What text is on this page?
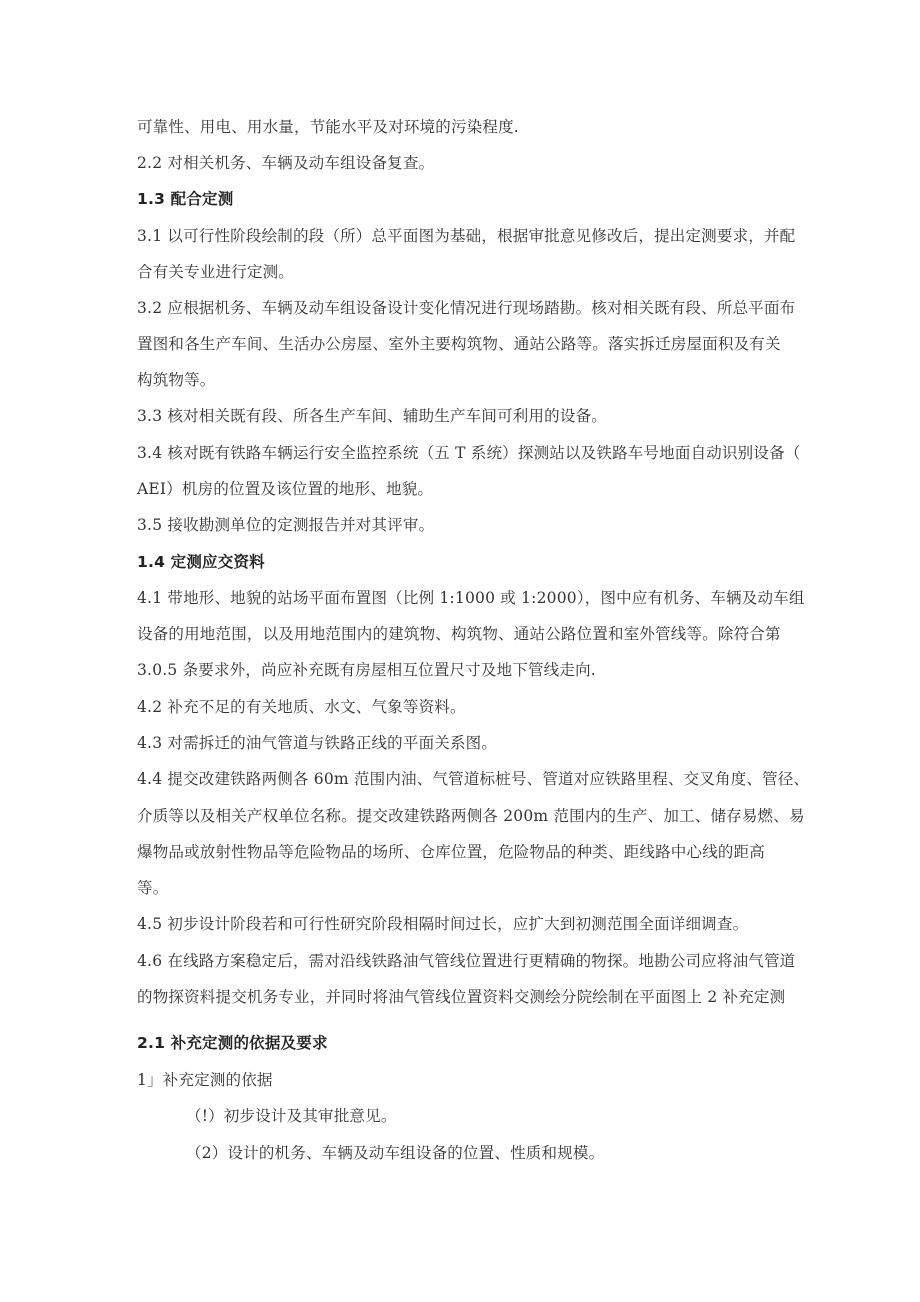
可靠性、用电、用水量，节能水平及对环境的污染程度.
2.2 对相关机务、车辆及动车组设备复查。
1.3 配合定测
3.1 以可行性阶段绘制的段（所）总平面图为基础，根据审批意见修改后，提出定测要求，并配
合有关专业进行定测。
3.2 应根据机务、车辆及动车组设备设计变化情况进行现场踏勘。核对相关既有段、所总平面布
置图和各生产车间、生活办公房屋、室外主要构筑物、通站公路等。落实拆迁房屋面积及有关
构筑物等。
3.3 核对相关既有段、所各生产车间、辅助生产车间可利用的设备。
3.4 核对既有铁路车辆运行安全监控系统（五 T 系统）探测站以及铁路车号地面自动识别设备（
AEI）机房的位置及该位置的地形、地貌。
3.5 接收勘测单位的定测报告并对其评审。
1.4 定测应交资料
4.1 带地形、地貌的站场平面布置图（比例 1:1000 或 1:2000），图中应有机务、车辆及动车组
设备的用地范围，以及用地范围内的建筑物、构筑物、通站公路位置和室外管线等。除符合第
3.0.5 条要求外，尚应补充既有房屋相互位置尺寸及地下管线走向.
4.2 补充不足的有关地质、水文、气象等资料。
4.3 对需拆迁的油气管道与铁路正线的平面关系图。
4.4 提交改建铁路两侧各 60m 范围内油、气管道标桩号、管道对应铁路里程、交叉角度、管径、
介质等以及相关产权单位名称。提交改建铁路两侧各 200m 范围内的生产、加工、储存易燃、易
爆物品或放射性物品等危险物品的场所、仓库位置，危险物品的种类、距线路中心线的距高
等。
4.5 初步设计阶段若和可行性研究阶段相隔时间过长，应扩大到初测范围全面详细调查。
4.6 在线路方案稳定后，需对沿线铁路油气管线位置进行更精确的物探。地勘公司应将油气管道
的物探资料提交机务专业，并同时将油气管线位置资料交测绘分院绘制在平面图上 2 补充定测
2.1 补充定测的依据及要求
1」补充定测的依据
（!）初步设计及其审批意见。
（2）设计的机务、车辆及动车组设备的位置、性质和规模。
